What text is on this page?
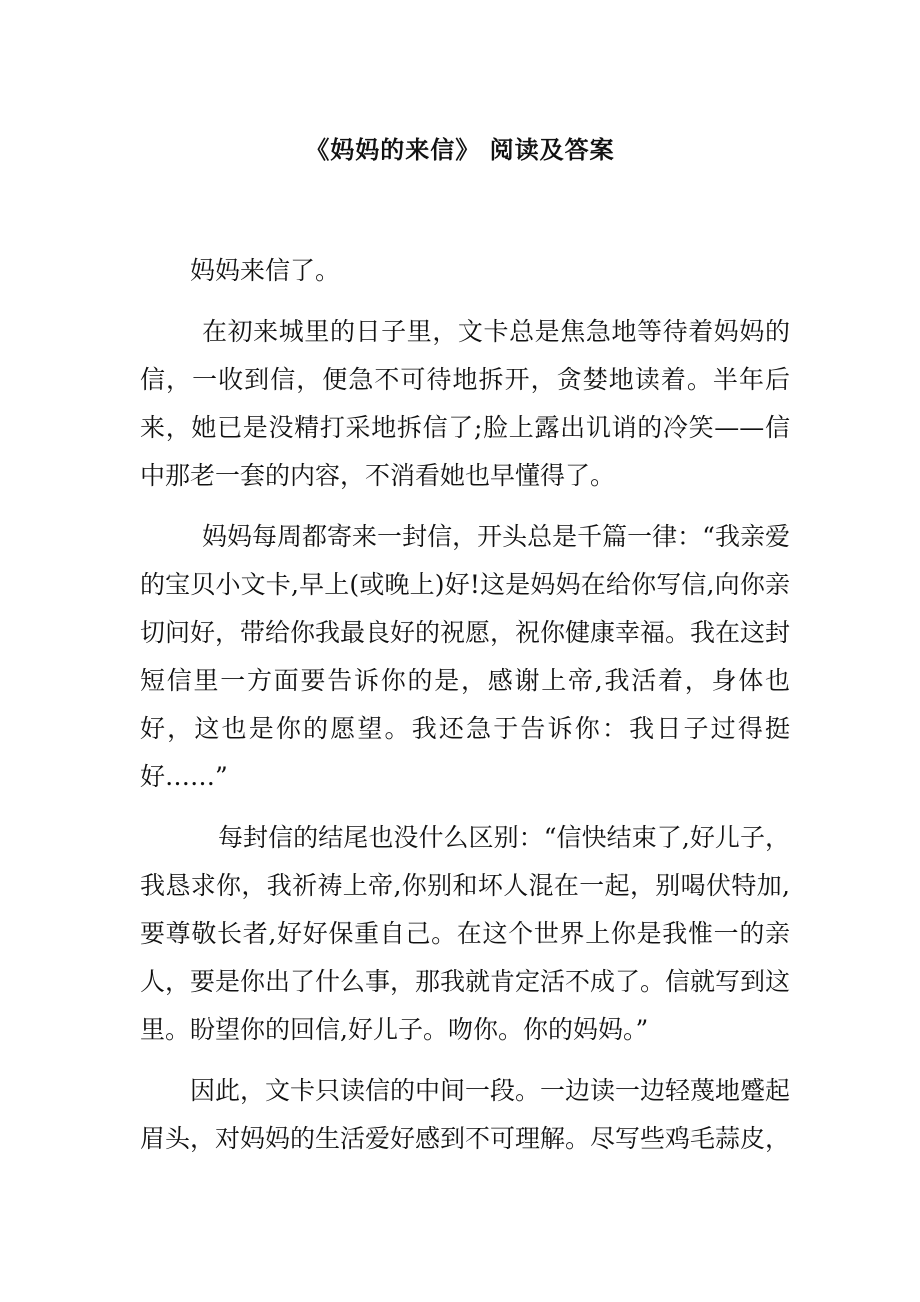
《妈妈的来信》 阅读及答案

妈妈来信了。

在初来城里的日子里，文卡总是焦急地等待着妈妈的信，一收到信，便急不可待地拆开，贪婪地读着。半年后来，她已是没精打采地拆信了;脸上露出讥诮的冷笑——信中那老一套的内容，不消看她也早懂得了。

妈妈每周都寄来一封信，开头总是千篇一律：“我亲爱的宝贝小文卡,早上(或晚上)好!这是妈妈在给你写信,向你亲切问好，带给你我最良好的祝愿，祝你健康幸福。我在这封短信里一方面要告诉你的是，感谢上帝,我活着，身体也好，这也是你的愿望。我还急于告诉你：我日子过得挺好……”

每封信的结尾也没什么区别：“信快结束了,好儿子，我恳求你，我祈祷上帝,你别和坏人混在一起，别喝伏特加,要尊敬长者,好好保重自己。在这个世界上你是我惟一的亲人，要是你出了什么事，那我就肯定活不成了。信就写到这里。盼望你的回信,好儿子。吻你。你的妈妈。”

因此，文卡只读信的中间一段。一边读一边轻蔑地蹙起眉头，对妈妈的生活爱好感到不可理解。尽写些鸡毛蒜皮，
